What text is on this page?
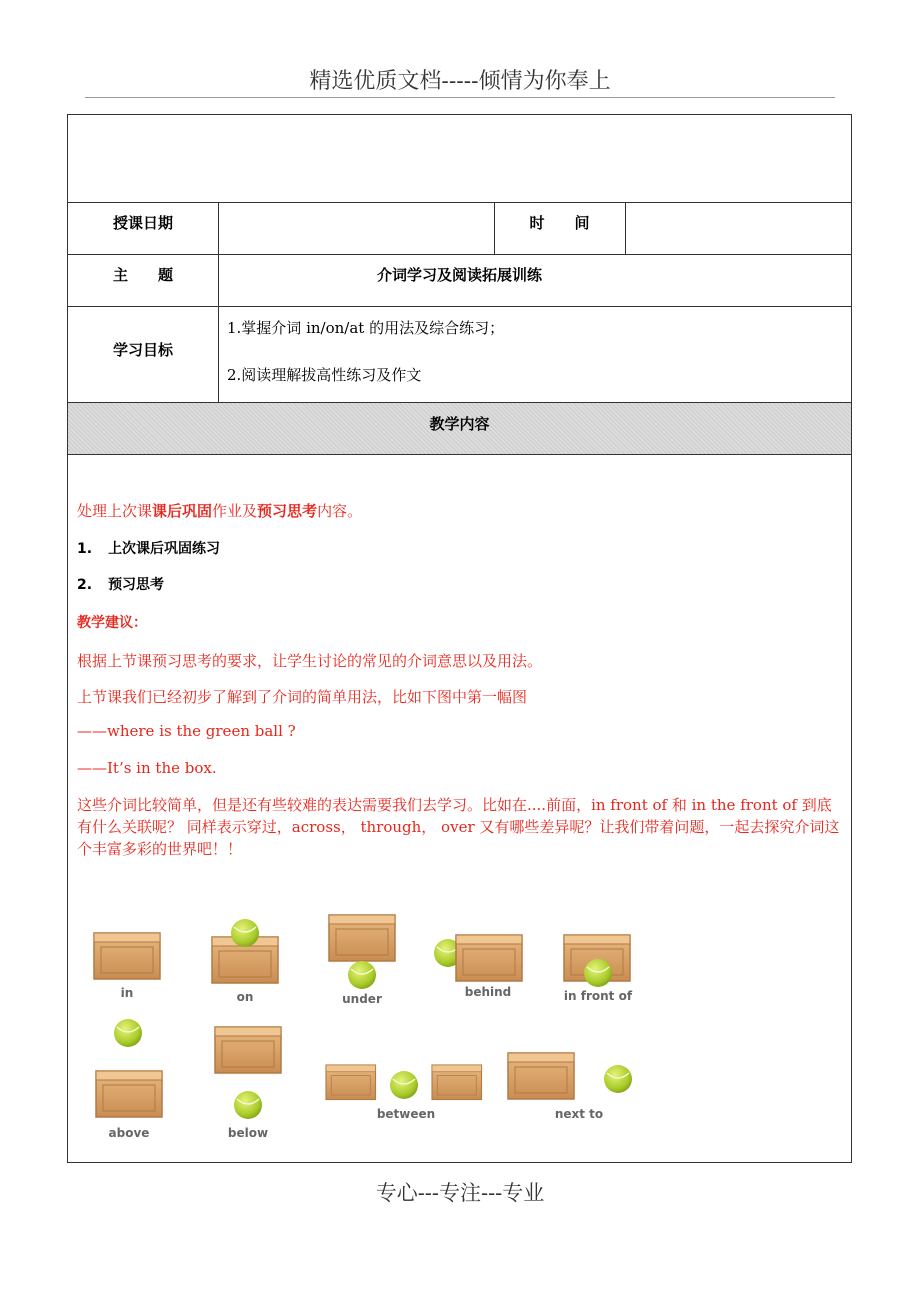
精选优质文档-----倾情为你奉上
授课日期	时　　间
主　　题	介词学习及阅读拓展训练
学习目标
1.掌握介词 in/on/at 的用法及综合练习；
2.阅读理解拔高性练习及作文
教学内容
处理上次课课后巩固作业及预习思考内容。
1. 上次课后巩固练习
2. 预习思考
教学建议：
根据上节课预习思考的要求，让学生讨论的常见的介词意思以及用法。
上节课我们已经初步了解到了介词的简单用法，比如下图中第一幅图
——where is the green ball ?
——It’s in the box.
这些介词比较简单，但是还有些较难的表达需要我们去学习。比如在....前面，in front of 和 in the front of 到底有什么关联呢？ 同样表示穿过，across， through， over 又有哪些差异呢？让我们带着问题，一起去探究介词这个丰富多彩的世界吧！！
in	on	under	behind	in front of
above	below
between	next to
专心---专注---专业
